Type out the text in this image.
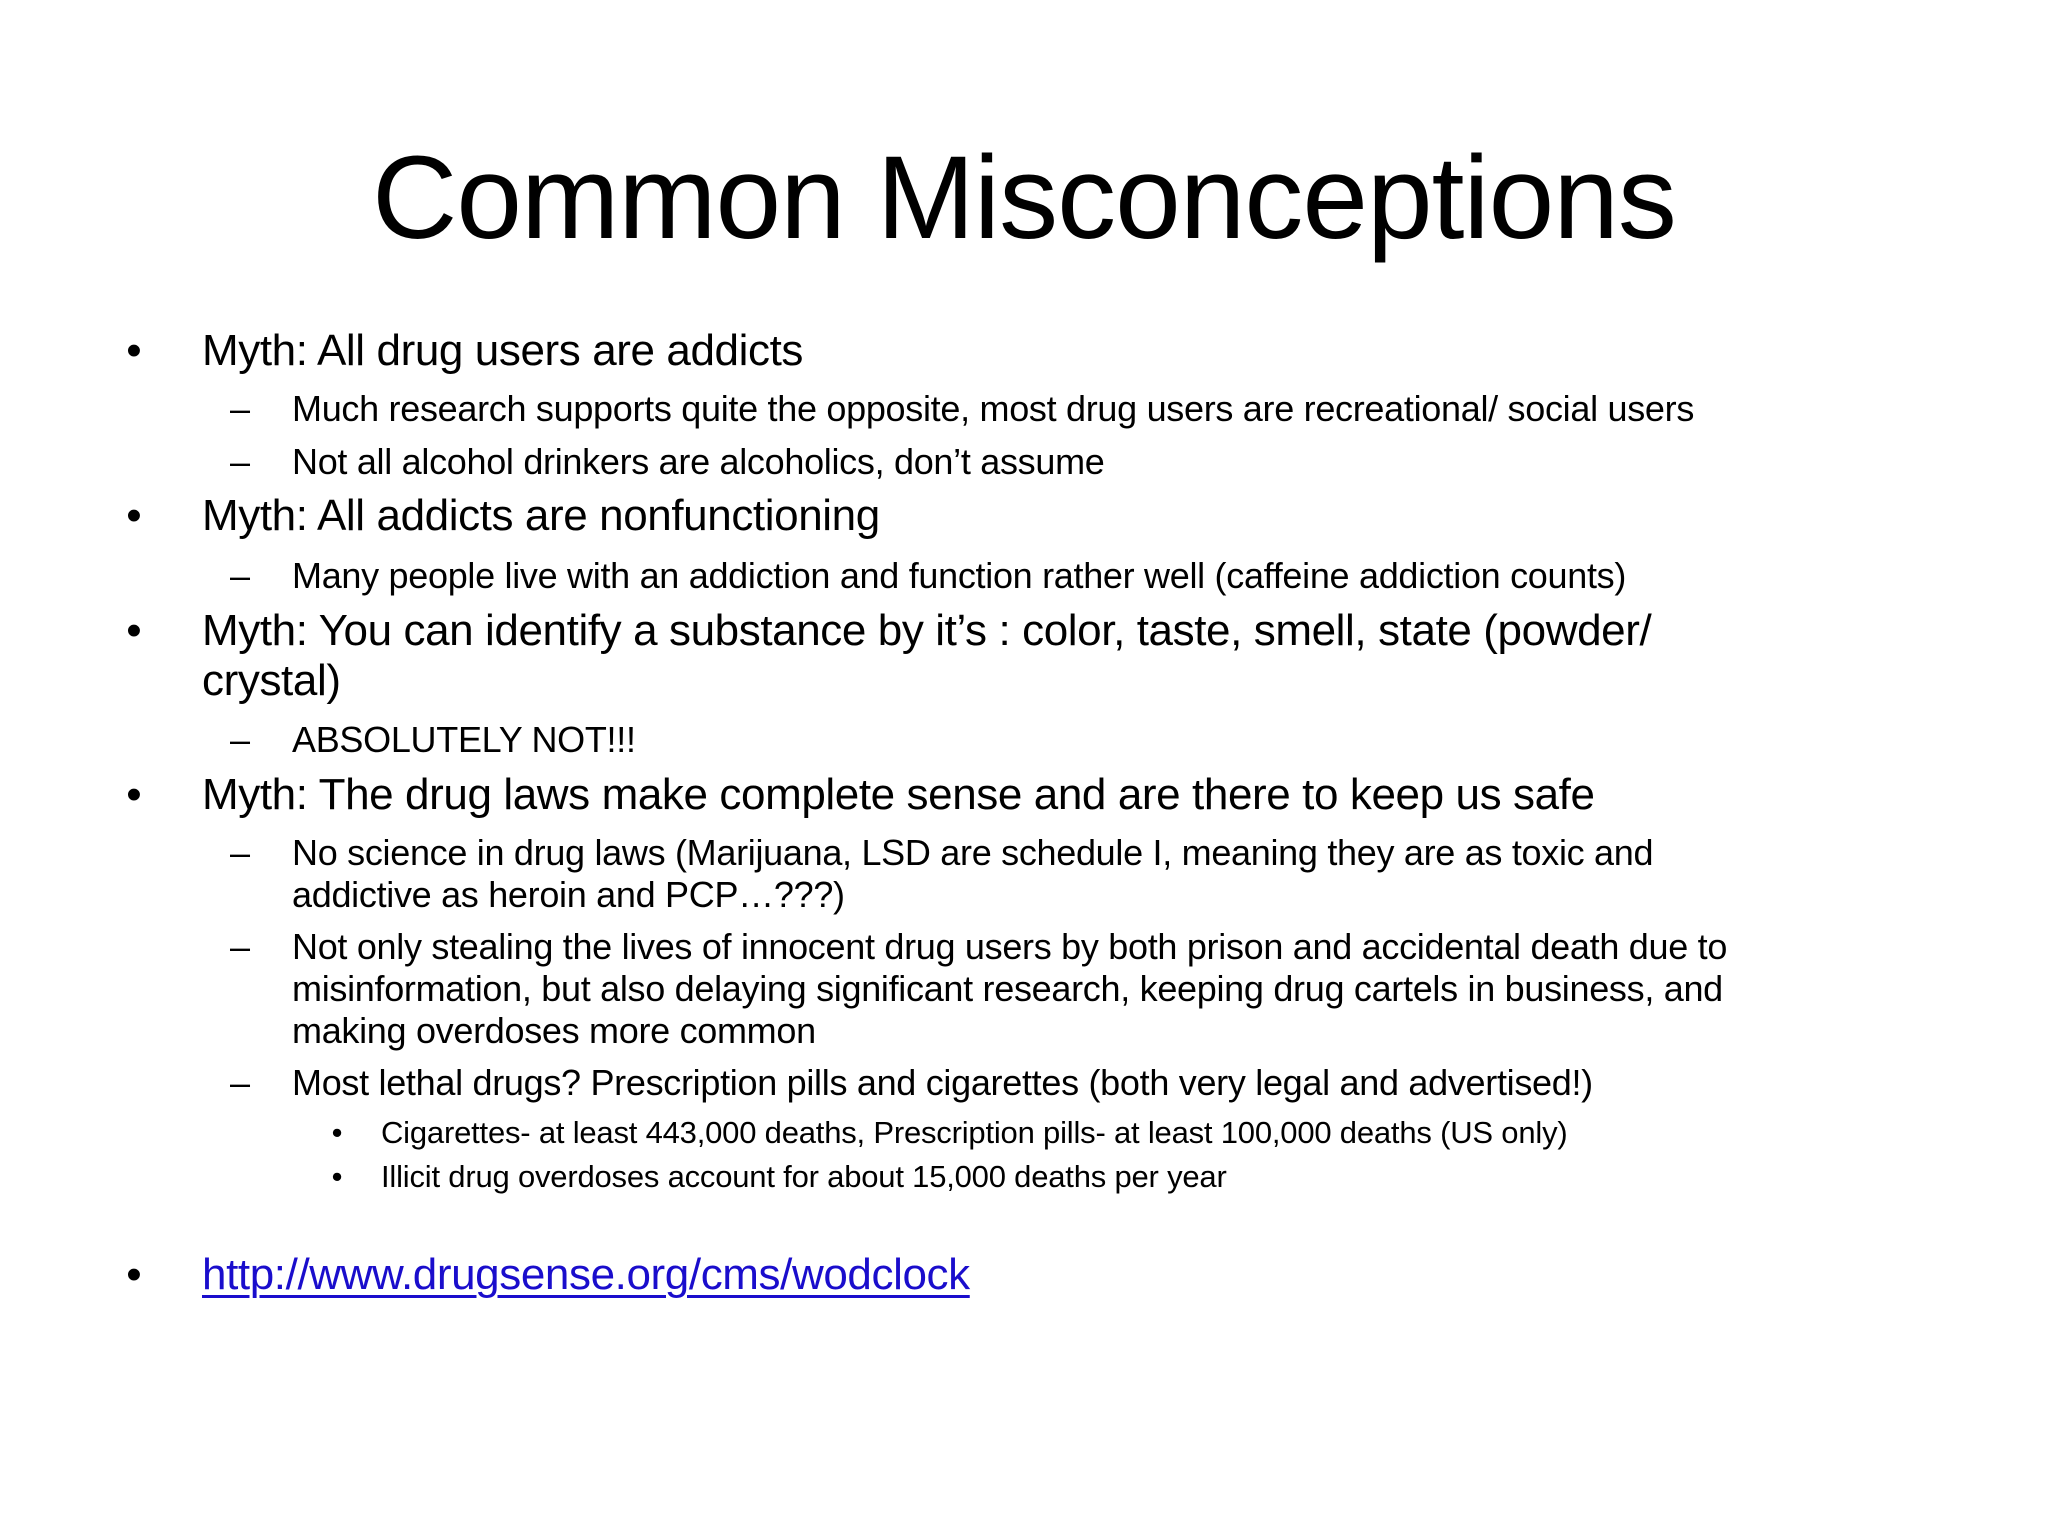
Common Misconceptions
• Myth: All drug users are addicts
– Much research supports quite the opposite, most drug users are recreational/ social users
– Not all alcohol drinkers are alcoholics, don’t assume
• Myth: All addicts are nonfunctioning
– Many people live with an addiction and function rather well (caffeine addiction counts)
• Myth: You can identify a substance by it’s : color, taste, smell, state (powder/
crystal)
– ABSOLUTELY NOT!!!
• Myth: The drug laws make complete sense and are there to keep us safe
– No science in drug laws (Marijuana, LSD are schedule I, meaning they are as toxic and
addictive as heroin and PCP…???)
– Not only stealing the lives of innocent drug users by both prison and accidental death due to
misinformation, but also delaying significant research, keeping drug cartels in business, and
making overdoses more common
– Most lethal drugs? Prescription pills and cigarettes (both very legal and advertised!)
•	Cigarettes- at least 443,000 deaths, Prescription pills- at least 100,000 deaths (US only)
•	Illicit drug overdoses account for about 15,000 deaths per year
• http://www.drugsense.org/cms/wodclock
